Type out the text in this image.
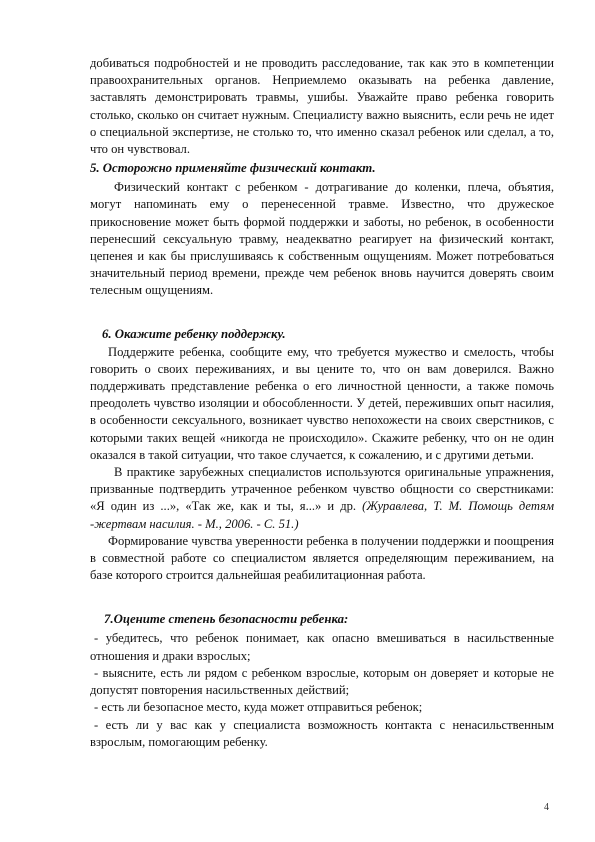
добиваться подробностей и не проводить расследование, так как это в компетенции правоохранительных органов. Неприемлемо оказывать на ребенка давление, заставлять демонстрировать травмы, ушибы. Уважайте право ребенка говорить столько, сколько он считает нужным. Специалисту важно выяснить, если речь не идет о специальной экспертизе, не столько то, что именно сказал ребенок или сделал, а то, что он чувствовал.

5. Осторожно применяйте физический контакт.

Физический контакт с ребенком - дотрагивание до коленки, плеча, объятия, могут напоминать ему о перенесенной травме. Известно, что дружеское прикосновение может быть формой поддержки и заботы, но ребенок, в особенности перенесший сексуальную травму, неадекватно реагирует на физический контакт, цепенея и как бы прислушиваясь к собственным ощущениям. Может потребоваться значительный период времени, прежде чем ребенок вновь научится доверять своим телесным ощущениям.

6. Окажите ребенку поддержку.

Поддержите ребенка, сообщите ему, что требуется мужество и смелость, чтобы говорить о своих переживаниях, и вы цените то, что он вам доверился. Важно поддерживать представление ребенка о его личностной ценности, а также помочь преодолеть чувство изоляции и обособленности. У детей, переживших опыт насилия, в особенности сексуального, возникает чувство непохожести на своих сверстников, с которыми таких вещей «никогда не происходило». Скажите ребенку, что он не один оказался в такой ситуации, что такое случается, к сожалению, и с другими детьми.

В практике зарубежных специалистов используются оригинальные упражнения, призванные подтвердить утраченное ребенком чувство общности со сверстниками: «Я один из ...», «Так же, как и ты, я...» и др. (Журавлева, Т. М. Помощь детям -жертвам насилия. - М., 2006. - С. 51.)

Формирование чувства уверенности ребенка в получении поддержки и поощрения в совместной работе со специалистом является определяющим переживанием, на базе которого строится дальнейшая реабилитационная работа.

7.Оцените степень безопасности ребенка:

- убедитесь, что ребенок понимает, как опасно вмешиваться в насильственные отношения и драки взрослых;

- выясните, есть ли рядом с ребенком взрослые, которым он доверяет и которые не допустят повторения насильственных действий;

- есть ли безопасное место, куда может отправиться ребенок;

- есть ли у вас как у специалиста возможность контакта с ненасильственным взрослым, помогающим ребенку.

4
